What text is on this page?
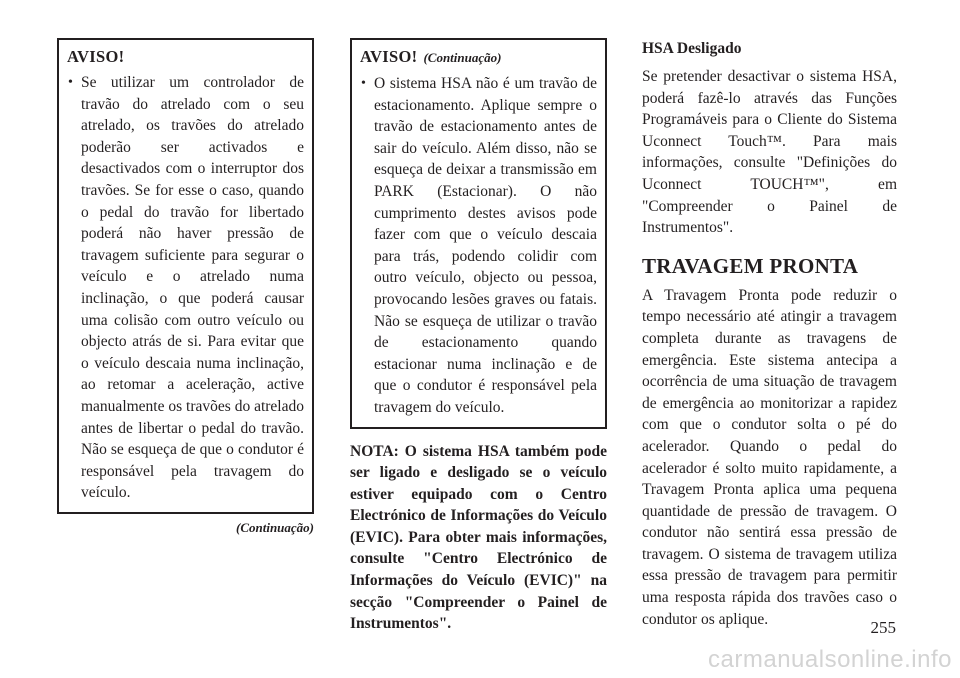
AVISO!
• Se utilizar um controlador de travão do atrelado com o seu atrelado, os travões do atrelado poderão ser activados e desactivados com o interruptor dos travões. Se for esse o caso, quando o pedal do travão for libertado poderá não haver pressão de travagem suficiente para segurar o veículo e o atrelado numa inclinação, o que poderá causar uma colisão com outro veículo ou objecto atrás de si. Para evitar que o veículo descaia numa inclinação, ao retomar a aceleração, active manualmente os travões do atrelado antes de libertar o pedal do travão. Não se esqueça de que o condutor é responsável pela travagem do veículo.
(Continuação)
AVISO! (Continuação)
• O sistema HSA não é um travão de estacionamento. Aplique sempre o travão de estacionamento antes de sair do veículo. Além disso, não se esqueça de deixar a transmissão em PARK (Estacionar). O não cumprimento destes avisos pode fazer com que o veículo descaia para trás, podendo colidir com outro veículo, objecto ou pessoa, provocando lesões graves ou fatais. Não se esqueça de utilizar o travão de estacionamento quando estacionar numa inclinação e de que o condutor é responsável pela travagem do veículo.
NOTA: O sistema HSA também pode ser ligado e desligado se o veículo estiver equipado com o Centro Electrónico de Informações do Veículo (EVIC). Para obter mais informações, consulte "Centro Electrónico de Informações do Veículo (EVIC)" na secção "Compreender o Painel de Instrumentos".
HSA Desligado

Se pretender desactivar o sistema HSA, poderá fazê-lo através das Funções Programáveis para o Cliente do Sistema Uconnect Touch™. Para mais informações, consulte "Definições do Uconnect TOUCH™", em "Compreender o Painel de Instrumentos".

TRAVAGEM PRONTA

A Travagem Pronta pode reduzir o tempo necessário até atingir a travagem completa durante as travagens de emergência. Este sistema antecipa a ocorrência de uma situação de travagem de emergência ao monitorizar a rapidez com que o condutor solta o pé do acelerador. Quando o pedal do acelerador é solto muito rapidamente, a Travagem Pronta aplica uma pequena quantidade de pressão de travagem. O condutor não sentirá essa pressão de travagem. O sistema de travagem utiliza essa pressão de travagem para permitir uma resposta rápida dos travões caso o condutor os aplique.	255
carmanualsonline.info
